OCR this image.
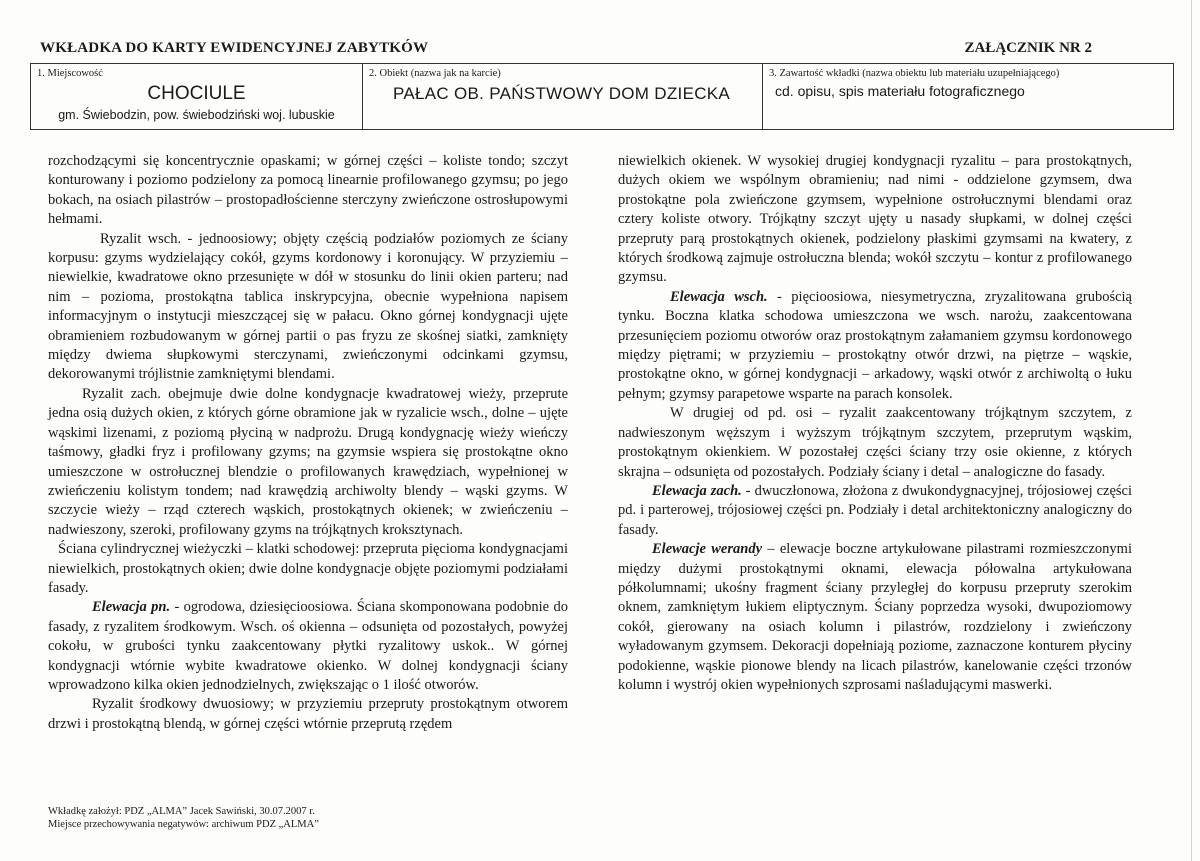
WKŁADKA DO KARTY EWIDENCYJNEJ ZABYTKÓW	ZAŁĄCZNIK NR 2
1. Miejscowość
CHOCIULE
gm. Świebodzin, pow. świebodziński woj. lubuskie
2. Obiekt (nazwa jak na karcie)
PAŁAC OB. PAŃSTWOWY DOM DZIECKA
3. Zawartość wkładki (nazwa obiektu lub materiału uzupełniającego)
cd. opisu, spis materiału fotograficznego

rozchodzącymi się koncentrycznie opaskami; w górnej części – koliste tondo; szczyt konturowany i poziomo podzielony za pomocą linearnie profilowanego gzymsu; po jego bokach, na osiach pilastrów – prostopadłościenne sterczyny zwieńczone ostrosłupowymi hełmami.

Ryzalit wsch. - jednoosiowy; objęty częścią podziałów poziomych ze ściany korpusu: gzyms wydzielający cokół, gzyms kordonowy i koronujący. W przyziemiu – niewielkie, kwadratowe okno przesunięte w dół w stosunku do linii okien parteru; nad nim – pozioma, prostokątna tablica inskrypcyjna, obecnie wypełniona napisem informacyjnym o instytucji mieszczącej się w pałacu. Okno górnej kondygnacji ujęte obramieniem rozbudowanym w górnej partii o pas fryzu ze skośnej siatki, zamknięty między dwiema słupkowymi sterczynami, zwieńczonymi odcinkami gzymsu, dekorowanymi trójlistnie zamkniętymi blendami.

Ryzalit zach. obejmuje dwie dolne kondygnacje kwadratowej wieży, przeprute jedna osią dużych okien, z których górne obramione jak w ryzalicie wsch., dolne – ujęte wąskimi lizenami, z poziomą płyciną w nadprożu. Drugą kondygnację wieży wieńczy taśmowy, gładki fryz i profilowany gzyms; na gzymsie wspiera się prostokątne okno umieszczone w ostrołucznej blendzie o profilowanych krawędziach, wypełnionej w zwieńczeniu kolistym tondem; nad krawędzią archiwolty blendy – wąski gzyms. W szczycie wieży – rząd czterech wąskich, prostokątnych okienek; w zwieńczeniu – nadwieszony, szeroki, profilowany gzyms na trójkątnych kroksztynach.

Ściana cylindrycznej wieżyczki – klatki schodowej: przepruta pięcioma kondygnacjami niewielkich, prostokątnych okien; dwie dolne kondygnacje objęte poziomymi podziałami fasady.

Elewacja pn. - ogrodowa, dziesięcioosiowa. Ściana skomponowana podobnie do fasady, z ryzalitem środkowym. Wsch. oś okienna – odsunięta od pozostałych, powyżej cokołu, w grubości tynku zaakcentowany płytki ryzalitowy uskok.. W górnej kondygnacji wtórnie wybite kwadratowe okienko. W dolnej kondygnacji ściany wprowadzono kilka okien jednodzielnych, zwiększając o 1 ilość otworów.

Ryzalit środkowy dwuosiowy; w przyziemiu przepruty prostokątnym otworem drzwi i prostokątną blendą, w górnej części wtórnie przeprutą rzędem

niewielkich okienek. W wysokiej drugiej kondygnacji ryzalitu – para prostokątnych, dużych okiem we wspólnym obramieniu; nad nimi - oddzielone gzymsem, dwa prostokątne pola zwieńczone gzymsem, wypełnione ostrołucznymi blendami oraz cztery koliste otwory. Trójkątny szczyt ujęty u nasady słupkami, w dolnej części przepruty parą prostokątnych okienek, podzielony płaskimi gzymsami na kwatery, z których środkową zajmuje ostrołuczna blenda; wokół szczytu – kontur z profilowanego gzymsu.

Elewacja wsch. - pięcioosiowa, niesymetryczna, zryzalitowana grubością tynku. Boczna klatka schodowa umieszczona we wsch. narożu, zaakcentowana przesunięciem poziomu otworów oraz prostokątnym załamaniem gzymsu kordonowego między piętrami; w przyziemiu – prostokątny otwór drzwi, na piętrze – wąskie, prostokątne okno, w górnej kondygnacji – arkadowy, wąski otwór z archiwoltą o łuku pełnym; gzymsy parapetowe wsparte na parach konsolek.

W drugiej od pd. osi – ryzalit zaakcentowany trójkątnym szczytem, z nadwieszonym węższym i wyższym trójkątnym szczytem, przeprutym wąskim, prostokątnym okienkiem. W pozostałej części ściany trzy osie okienne, z których skrajna – odsunięta od pozostałych. Podziały ściany i detal – analogiczne do fasady.

Elewacja zach. - dwuczłonowa, złożona z dwukondygnacyjnej, trójosiowej części pd. i parterowej, trójosiowej części pn. Podziały i detal architektoniczny analogiczny do fasady.

Elewacje werandy – elewacje boczne artykułowane pilastrami rozmieszczonymi między dużymi prostokątnymi oknami, elewacja półowalna artykułowana półkolumnami; ukośny fragment ściany przyległej do korpusu przepruty szerokim oknem, zamkniętym łukiem eliptycznym. Ściany poprzedza wysoki, dwupoziomowy cokół, gierowany na osiach kolumn i pilastrów, rozdzielony i zwieńczony wyładowanym gzymsem. Dekoracji dopełniają poziome, zaznaczone konturem płyciny podokienne, wąskie pionowe blendy na licach pilastrów, kanelowanie części trzonów kolumn i wystrój okien wypełnionych szprosami naśladującymi maswerki.

Wkładkę założył: PDZ „ALMA” Jacek Sawiński, 30.07.2007 r.
Miejsce przechowywania negatywów: archiwum PDZ „ALMA”
